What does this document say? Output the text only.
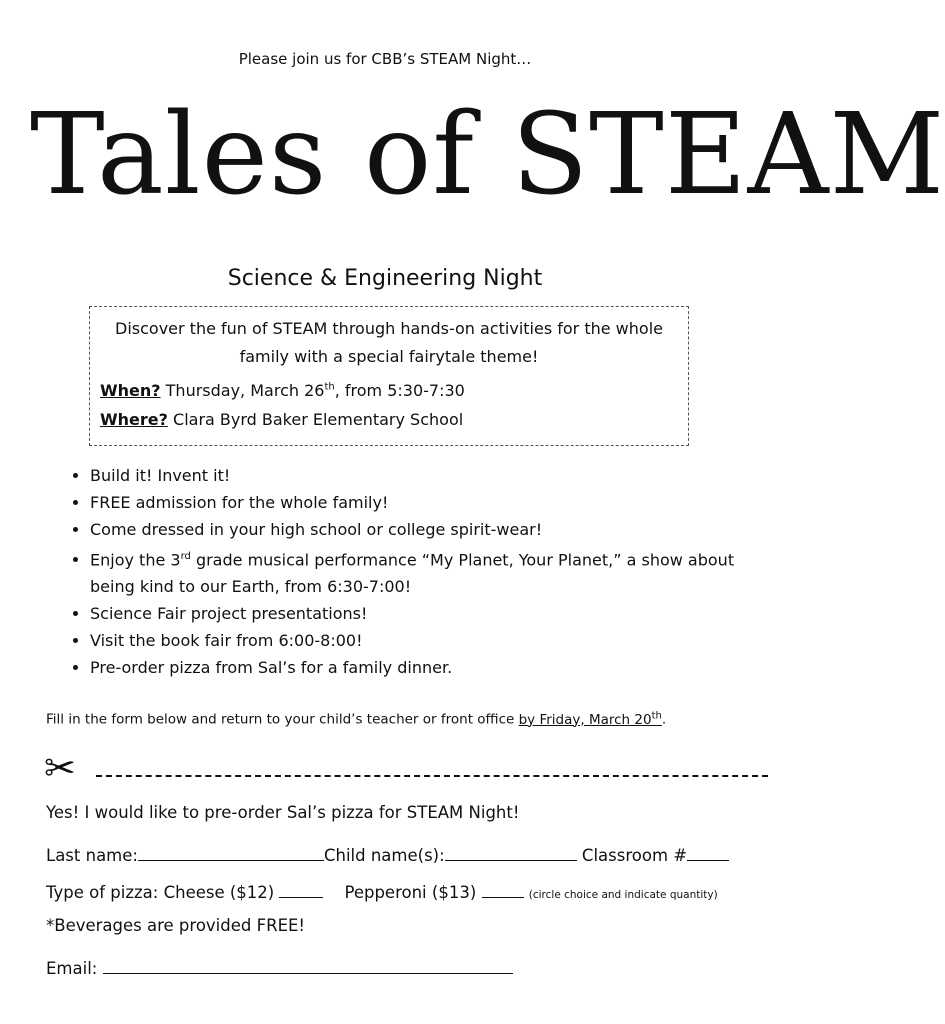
Please join us for CBB’s STEAM Night…
Tales of STEAM
Science & Engineering Night
Discover the fun of STEAM through hands-on activities for the whole family with a special fairytale theme!
When? Thursday, March 26th, from 5:30-7:30
Where? Clara Byrd Baker Elementary School
• Build it! Invent it!
• FREE admission for the whole family!
• Come dressed in your high school or college spirit-wear!
• Enjoy the 3rd grade musical performance “My Planet, Your Planet,” a show about being kind to our Earth, from 6:30-7:00!
• Science Fair project presentations!
• Visit the book fair from 6:00-8:00!
• Pre-order pizza from Sal’s for a family dinner.
Fill in the form below and return to your child’s teacher or front office by Friday, March 20th.
✂
Yes! I would like to pre-order Sal’s pizza for STEAM Night!
Last name:	Child name(s):	Classroom #
Type of pizza: Cheese ($12)	Pepperoni ($13)	(circle choice and indicate quantity)
*Beverages are provided FREE!
Email:
